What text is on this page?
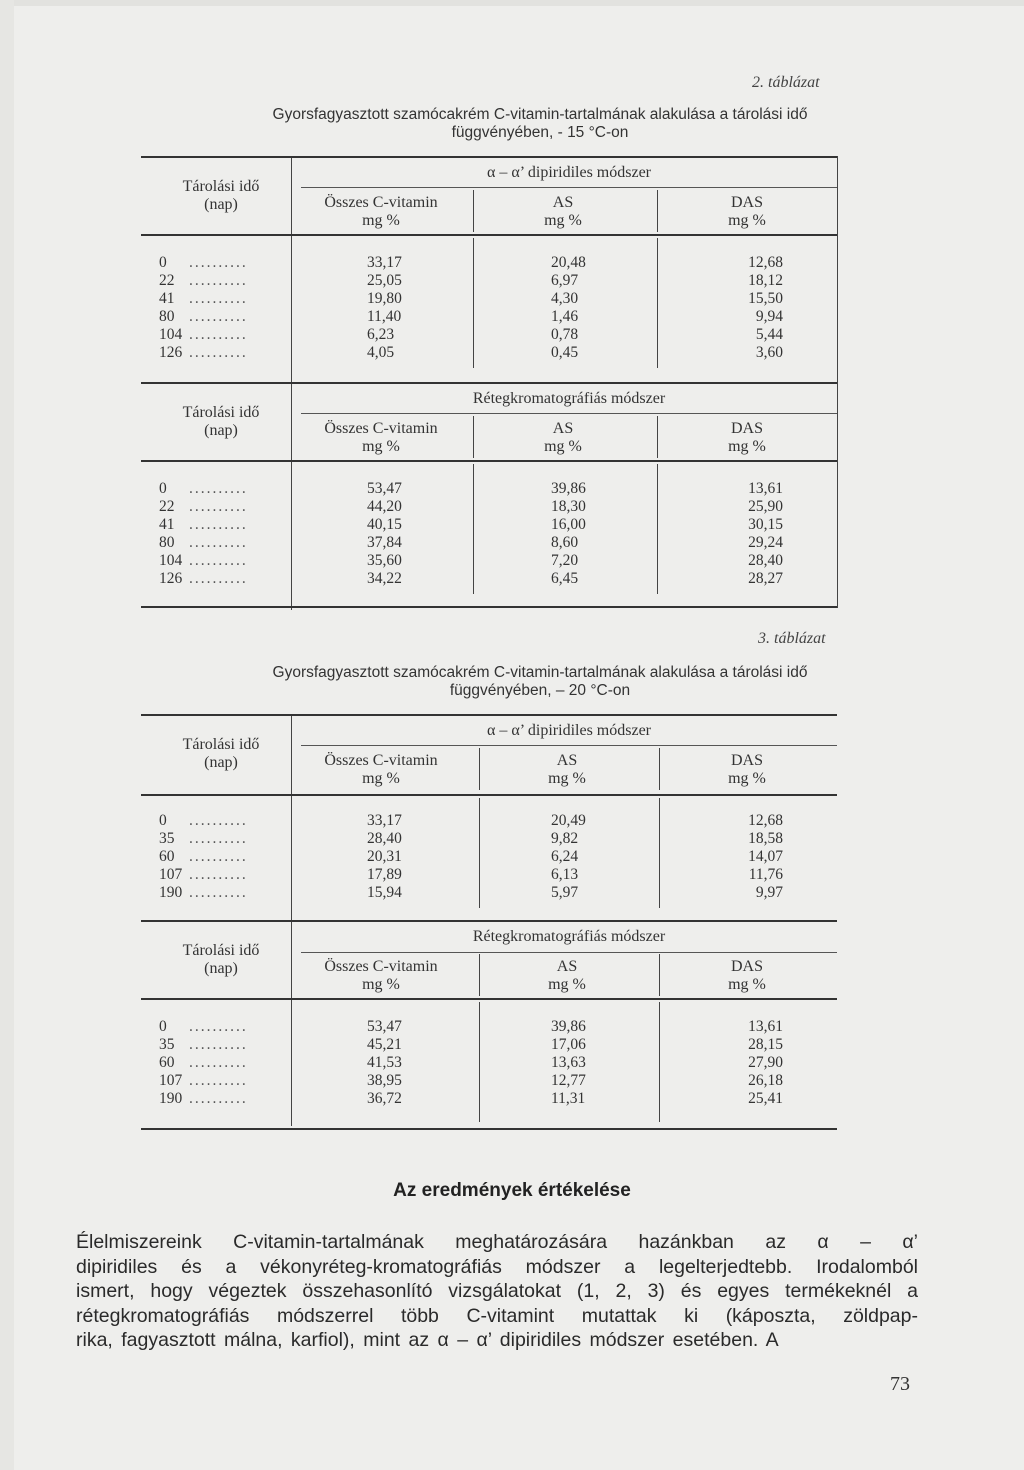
2. táblázat
Gyorsfagyasztott szamócakrém C-vitamin-tartalmának alakulása a tárolási idő
függvényében, - 15 °C-on
Tárolási idő
(nap)
α – α’ dipiridiles módszer
Összes C-vitamin
mg %
AS
mg %
DAS
mg %
0 ..........	33,17	20,48	12,68
22 ..........	25,05	6,97	18,12
41 ..........	19,80	4,30	15,50
80 ..........	11,40	1,46	9,94
104 ..........	6,23	0,78	5,44
126 ..........	4,05	0,45	3,60
Tárolási idő
(nap)
Rétegkromatográfiás módszer
Összes C-vitamin
mg %
AS
mg %
DAS
mg %
0 ..........	53,47	39,86	13,61
22 ..........	44,20	18,30	25,90
41 ..........	40,15	16,00	30,15
80 ..........	37,84	8,60	29,24
104 ..........	35,60	7,20	28,40
126 ..........	34,22	6,45	28,27
3. táblázat
Gyorsfagyasztott szamócakrém C-vitamin-tartalmának alakulása a tárolási idő
függvényében, – 20 °C-on
Tárolási idő
(nap)
α – α’ dipiridiles módszer
Összes C-vitamin
mg %
AS
mg %
DAS
mg %
0 ..........	33,17	20,49	12,68
35 ..........	28,40	9,82	18,58
60 ..........	20,31	6,24	14,07
107 ..........	17,89	6,13	11,76
190 ..........	15,94	5,97	9,97
Tárolási idő
(nap)
Rétegkromatográfiás módszer
Összes C-vitamin
mg %
AS
mg %
DAS
mg %
0 ..........	53,47	39,86	13,61
35 ..........	45,21	17,06	28,15
60 ..........	41,53	13,63	27,90
107 ..........	38,95	12,77	26,18
190 ..........	36,72	11,31	25,41
Az eredmények értékelése
Élelmiszereink C-vitamin-tartalmának meghatározására hazánkban az α – α’
dipiridiles és a vékonyréteg-kromatográfiás módszer a legelterjedtebb. Irodalomból
ismert, hogy végeztek összehasonlító vizsgálatokat (1, 2, 3) és egyes termékeknél a
rétegkromatográfiás módszerrel több C-vitamint mutattak ki (káposzta, zöldpap-
rika, fagyasztott málna, karfiol), mint az α – α’ dipiridiles módszer esetében. A
73
